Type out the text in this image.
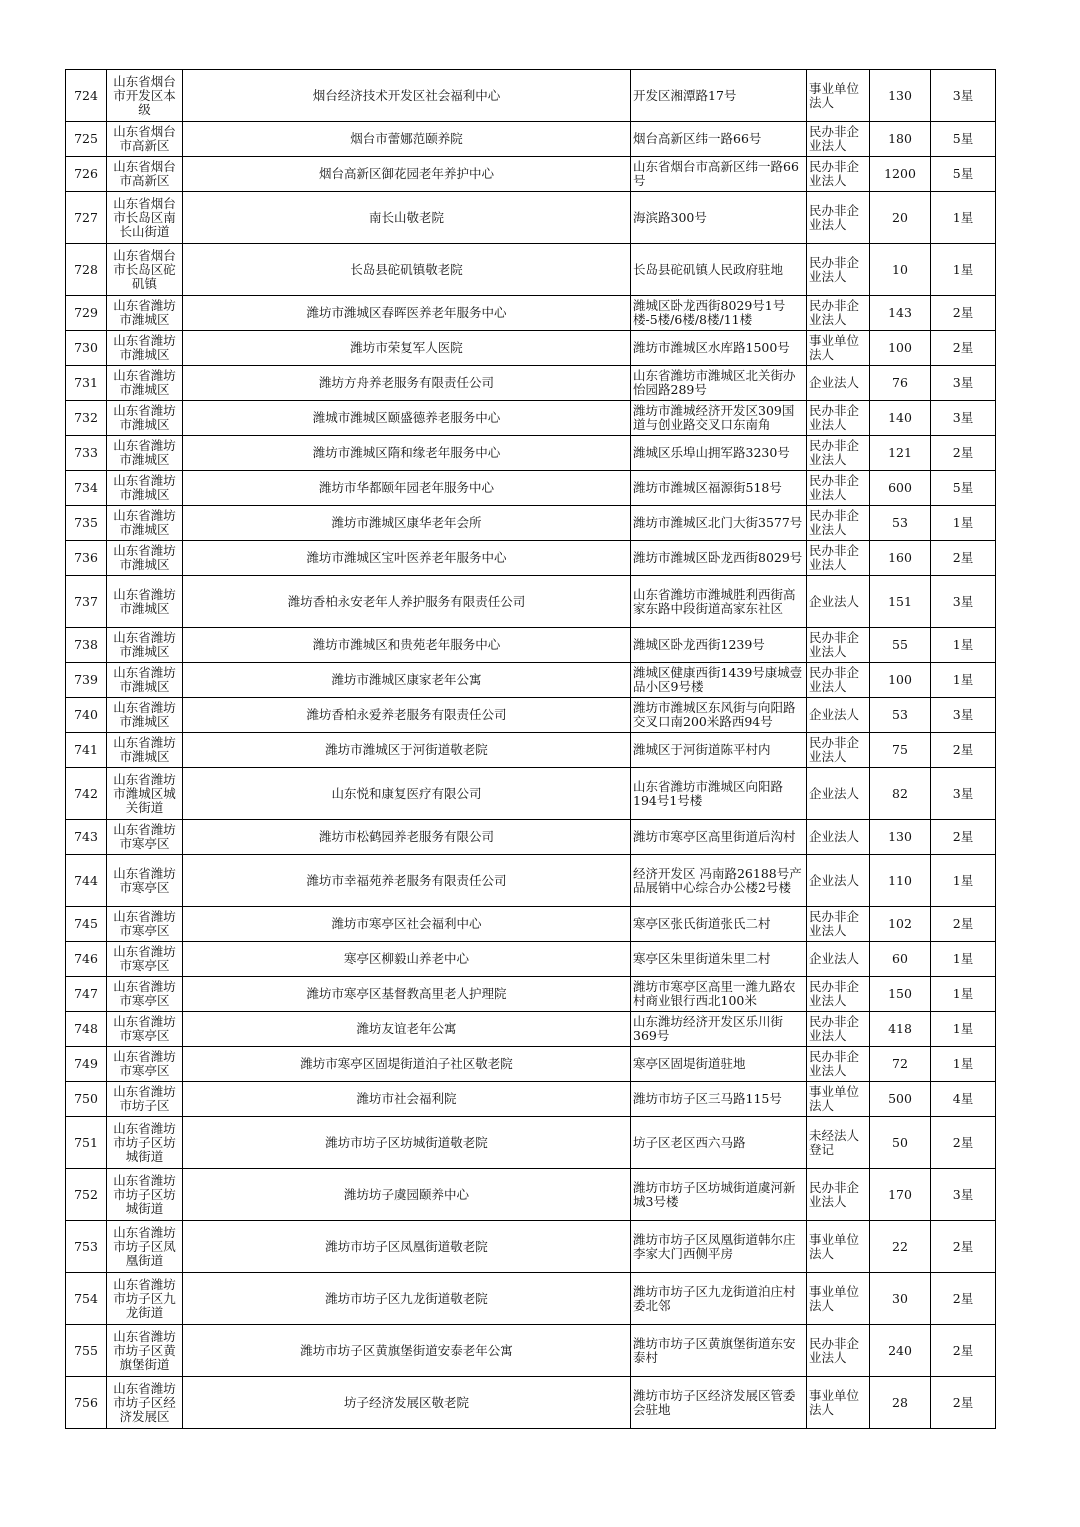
724	山东省烟台市开发区本级	烟台经济技术开发区社会福利中心	开发区湘潭路17号	事业单位法人	130	3星
725	山东省烟台市高新区	烟台市蕾娜范颐养院	烟台高新区纬一路66号	民办非企业法人	180	5星
726	山东省烟台市高新区	烟台高新区御花园老年养护中心	山东省烟台市高新区纬一路66号	民办非企业法人	1200	5星
727	山东省烟台市长岛区南长山街道	南长山敬老院	海滨路300号	民办非企业法人	20	1星
728	山东省烟台市长岛区砣矶镇	长岛县砣矶镇敬老院	长岛县砣矶镇人民政府驻地	民办非企业法人	10	1星
729	山东省潍坊市潍城区	潍坊市潍城区春晖医养老年服务中心	潍城区卧龙西街8029号1号楼-5楼/6楼/8楼/11楼	民办非企业法人	143	2星
730	山东省潍坊市潍城区	潍坊市荣复军人医院	潍坊市潍城区水库路1500号	事业单位法人	100	2星
731	山东省潍坊市潍城区	潍坊方舟养老服务有限责任公司	山东省潍坊市潍城区北关街办怡园路289号	企业法人	76	3星
732	山东省潍坊市潍城区	潍城市潍城区颐盛德养老服务中心	潍坊市潍城经济开发区309国道与创业路交叉口东南角	民办非企业法人	140	3星
733	山东省潍坊市潍城区	潍坊市潍城区隋和缘老年服务中心	潍城区乐埠山拥军路3230号	民办非企业法人	121	2星
734	山东省潍坊市潍城区	潍坊市华都颐年园老年服务中心	潍坊市潍城区福源街518号	民办非企业法人	600	5星
735	山东省潍坊市潍城区	潍坊市潍城区康华老年会所	潍坊市潍城区北门大街3577号	民办非企业法人	53	1星
736	山东省潍坊市潍城区	潍坊市潍城区宝叶医养老年服务中心	潍坊市潍城区卧龙西街8029号	民办非企业法人	160	2星
737	山东省潍坊市潍城区	潍坊香柏永安老年人养护服务有限责任公司	山东省潍坊市潍城胜利西街高家东路中段街道高家东社区	企业法人	151	3星
738	山东省潍坊市潍城区	潍坊市潍城区和贵苑老年服务中心	潍城区卧龙西街1239号	民办非企业法人	55	1星
739	山东省潍坊市潍城区	潍坊市潍城区康家老年公寓	潍城区健康西街1439号康城壹品小区9号楼	民办非企业法人	100	1星
740	山东省潍坊市潍城区	潍坊香柏永爱养老服务有限责任公司	潍坊市潍城区东风街与向阳路交叉口南200米路西94号	企业法人	53	3星
741	山东省潍坊市潍城区	潍坊市潍城区于河街道敬老院	潍城区于河街道陈平村内	民办非企业法人	75	2星
742	山东省潍坊市潍城区城关街道	山东悦和康复医疗有限公司	山东省潍坊市潍城区向阳路194号1号楼	企业法人	82	3星
743	山东省潍坊市寒亭区	潍坊市松鹤园养老服务有限公司	潍坊市寒亭区高里街道后沟村	企业法人	130	2星
744	山东省潍坊市寒亭区	潍坊市幸福苑养老服务有限责任公司	经济开发区 冯南路26188号产品展销中心综合办公楼2号楼	企业法人	110	1星
745	山东省潍坊市寒亭区	潍坊市寒亭区社会福利中心	寒亭区张氏街道张氏二村	民办非企业法人	102	2星
746	山东省潍坊市寒亭区	寒亭区柳毅山养老中心	寒亭区朱里街道朱里二村	企业法人	60	1星
747	山东省潍坊市寒亭区	潍坊市寒亭区基督教高里老人护理院	潍坊市寒亭区高里一潍九路农村商业银行西北100米	民办非企业法人	150	1星
748	山东省潍坊市寒亭区	潍坊友谊老年公寓	山东潍坊经济开发区乐川街369号	民办非企业法人	418	1星
749	山东省潍坊市寒亭区	潍坊市寒亭区固堤街道泊子社区敬老院	寒亭区固堤街道驻地	民办非企业法人	72	1星
750	山东省潍坊市坊子区	潍坊市社会福利院	潍坊市坊子区三马路115号	事业单位法人	500	4星
751	山东省潍坊市坊子区坊城街道	潍坊市坊子区坊城街道敬老院	坊子区老区西六马路	未经法人登记	50	2星
752	山东省潍坊市坊子区坊城街道	潍坊坊子虞园颐养中心	潍坊市坊子区坊城街道虞河新城3号楼	民办非企业法人	170	3星
753	山东省潍坊市坊子区凤凰街道	潍坊市坊子区凤凰街道敬老院	潍坊市坊子区凤凰街道韩尔庄李家大门西侧平房	事业单位法人	22	2星
754	山东省潍坊市坊子区九龙街道	潍坊市坊子区九龙街道敬老院	潍坊市坊子区九龙街道泊庄村委北邻	事业单位法人	30	2星
755	山东省潍坊市坊子区黄旗堡街道	潍坊市坊子区黄旗堡街道安泰老年公寓	潍坊市坊子区黄旗堡街道东安泰村	民办非企业法人	240	2星
756	山东省潍坊市坊子区经济发展区	坊子经济发展区敬老院	潍坊市坊子区经济发展区管委会驻地	事业单位法人	28	2星
